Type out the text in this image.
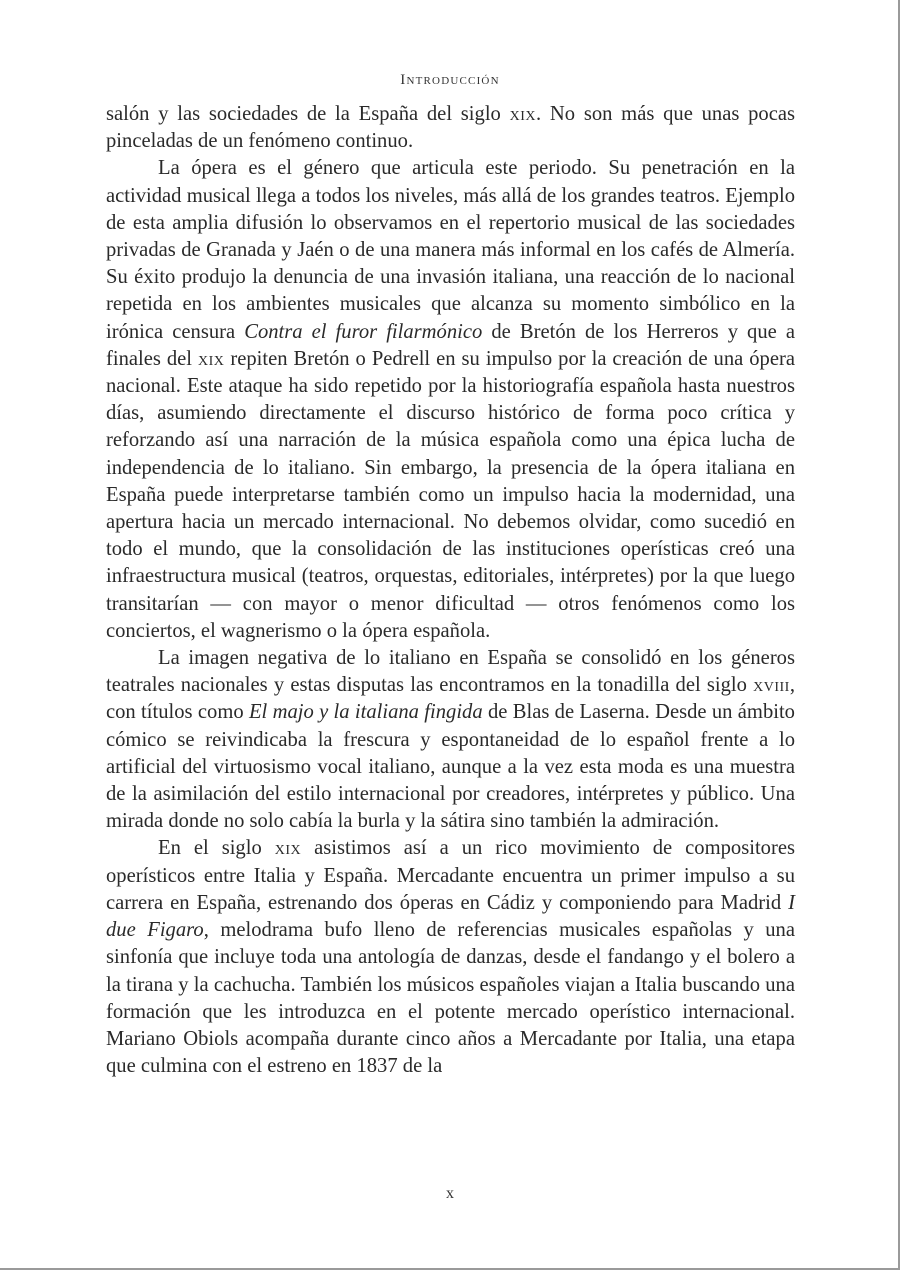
Introducción

salón y las sociedades de la España del siglo xix. No son más que unas pocas pinceladas de un fenómeno continuo.

La ópera es el género que articula este periodo. Su penetración en la actividad musical llega a todos los niveles, más allá de los grandes teatros. Ejemplo de esta amplia difusión lo observamos en el repertorio musical de las sociedades privadas de Granada y Jaén o de una manera más informal en los cafés de Almería. Su éxito produjo la denuncia de una invasión italiana, una reacción de lo nacional repetida en los ambientes musicales que alcanza su momento simbólico en la irónica censura Contra el furor filarmónico de Bretón de los Herreros y que a finales del xix repiten Bretón o Pedrell en su impulso por la creación de una ópera nacional. Este ataque ha sido repetido por la historiografía española hasta nuestros días, asumiendo directamente el discurso histórico de forma poco crítica y reforzando así una narración de la música española como una épica lucha de independencia de lo italiano. Sin embargo, la presencia de la ópera italiana en España puede interpretarse también como un impulso hacia la modernidad, una apertura hacia un mercado internacional. No debemos olvidar, como sucedió en todo el mundo, que la consolidación de las instituciones operísticas creó una infraestructura musical (teatros, orquestas, editoriales, intérpretes) por la que luego transitarían — con mayor o menor dificultad — otros fenómenos como los conciertos, el wagnerismo o la ópera española.

La imagen negativa de lo italiano en España se consolidó en los géneros teatrales nacionales y estas disputas las encontramos en la tonadilla del siglo xviii, con títulos como El majo y la italiana fingida de Blas de Laserna. Desde un ámbito cómico se reivindicaba la frescura y espontaneidad de lo español frente a lo artificial del virtuosismo vocal italiano, aunque a la vez esta moda es una muestra de la asimilación del estilo internacional por creadores, intérpretes y público. Una mirada donde no solo cabía la burla y la sátira sino también la admiración.

En el siglo xix asistimos así a un rico movimiento de compositores operísticos entre Italia y España. Mercadante encuentra un primer impulso a su carrera en España, estrenando dos óperas en Cádiz y componiendo para Madrid I due Figaro, melodrama bufo lleno de referencias musicales españolas y una sinfonía que incluye toda una antología de danzas, desde el fandango y el bolero a la tirana y la cachucha. También los músicos españoles viajan a Italia buscando una formación que les introduzca en el potente mercado operístico internacional. Mariano Obiols acompaña durante cinco años a Mercadante por Italia, una etapa que culmina con el estreno en 1837 de la

x
